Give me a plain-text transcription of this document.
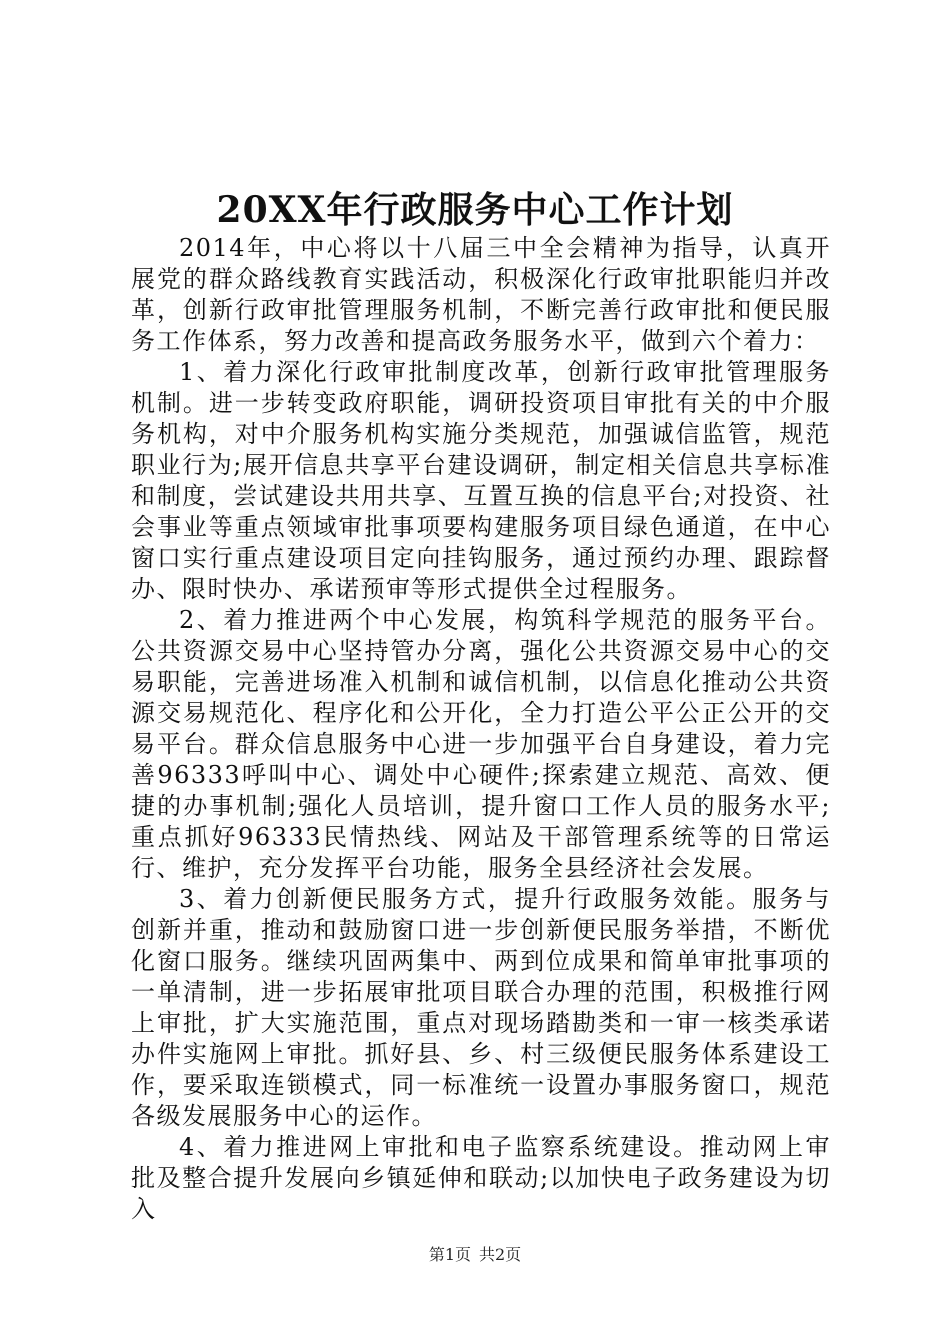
20XX年行政服务中心工作计划

2014年，中心将以十八届三中全会精神为指导，认真开展党的群众路线教育实践活动，积极深化行政审批职能归并改革，创新行政审批管理服务机制，不断完善行政审批和便民服务工作体系，努力改善和提高政务服务水平，做到六个着力：

1、着力深化行政审批制度改革，创新行政审批管理服务机制。进一步转变政府职能，调研投资项目审批有关的中介服务机构，对中介服务机构实施分类规范，加强诚信监管，规范职业行为;展开信息共享平台建设调研，制定相关信息共享标准和制度，尝试建设共用共享、互置互换的信息平台;对投资、社会事业等重点领域审批事项要构建服务项目绿色通道，在中心窗口实行重点建设项目定向挂钩服务，通过预约办理、跟踪督办、限时快办、承诺预审等形式提供全过程服务。

2、着力推进两个中心发展，构筑科学规范的服务平台。公共资源交易中心坚持管办分离，强化公共资源交易中心的交易职能，完善进场准入机制和诚信机制，以信息化推动公共资源交易规范化、程序化和公开化，全力打造公平公正公开的交易平台。群众信息服务中心进一步加强平台自身建设，着力完善96333呼叫中心、调处中心硬件;探索建立规范、高效、便捷的办事机制;强化人员培训，提升窗口工作人员的服务水平;重点抓好96333民情热线、网站及干部管理系统等的日常运行、维护，充分发挥平台功能，服务全县经济社会发展。

3、着力创新便民服务方式，提升行政服务效能。服务与创新并重，推动和鼓励窗口进一步创新便民服务举措，不断优化窗口服务。继续巩固两集中、两到位成果和简单审批事项的一单清制，进一步拓展审批项目联合办理的范围，积极推行网上审批，扩大实施范围，重点对现场踏勘类和一审一核类承诺办件实施网上审批。抓好县、乡、村三级便民服务体系建设工作，要采取连锁模式，同一标准统一设置办事服务窗口，规范各级发展服务中心的运作。

4、着力推进网上审批和电子监察系统建设。推动网上审批及整合提升发展向乡镇延伸和联动;以加快电子政务建设为切入

第1页 共2页
